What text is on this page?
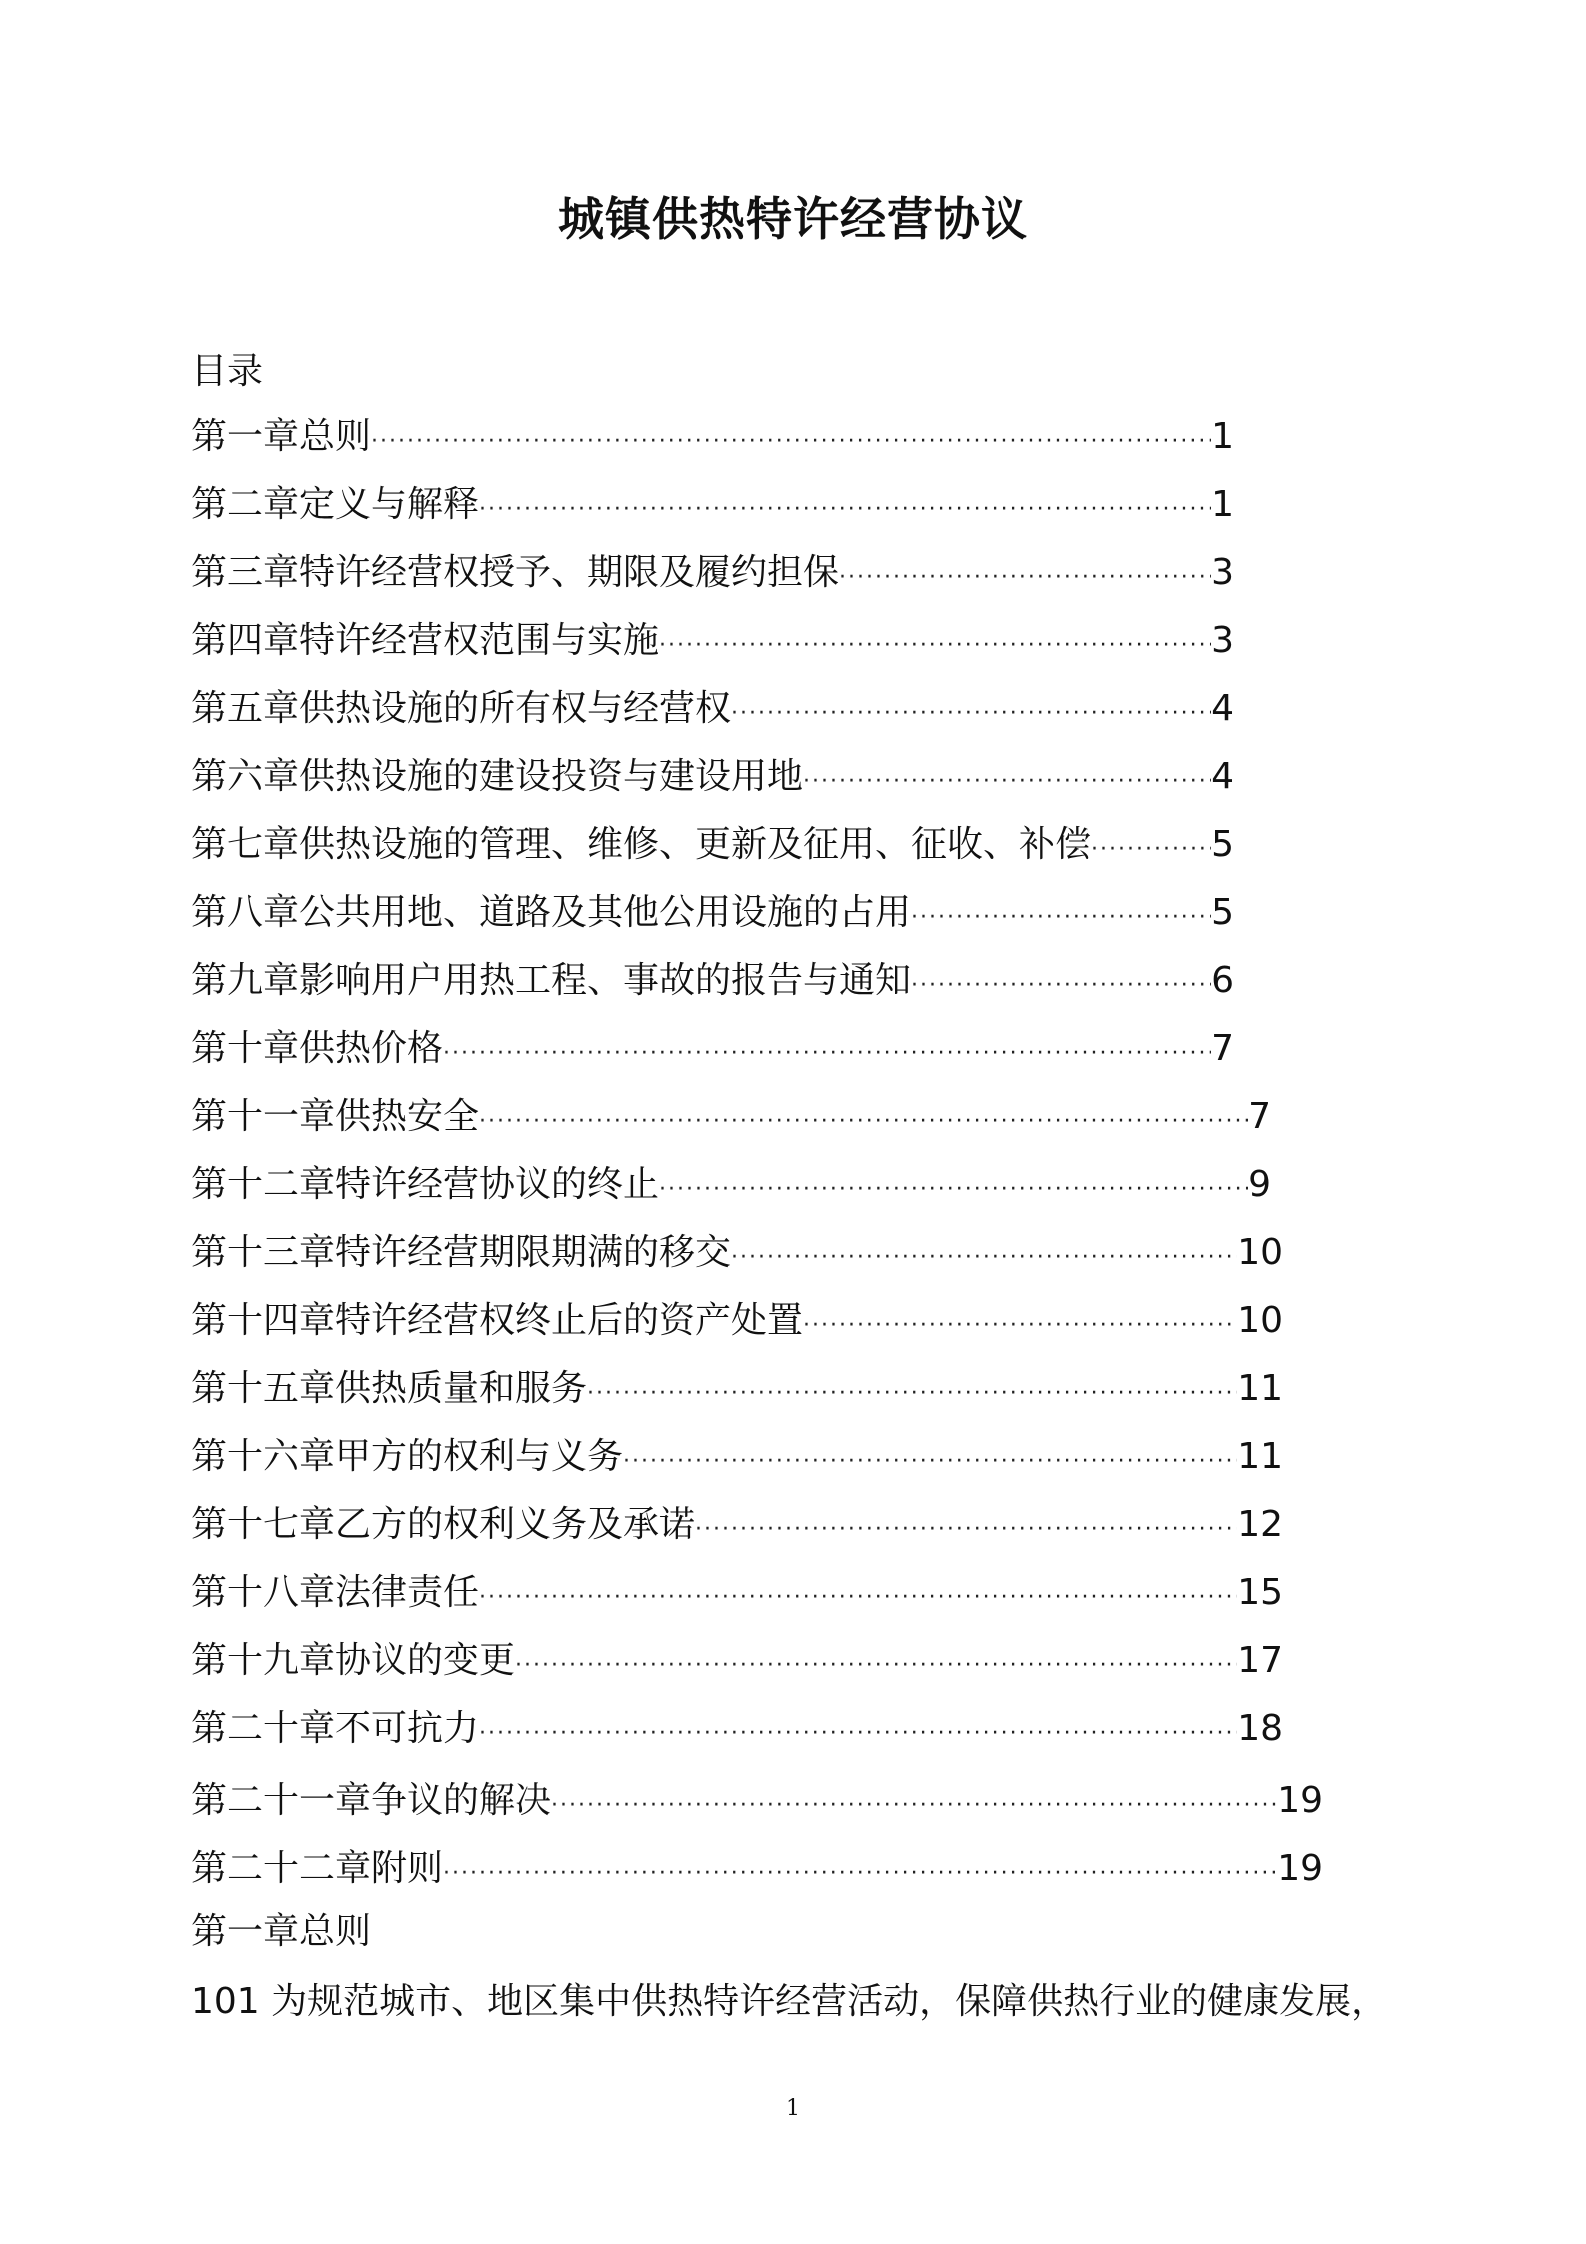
城镇供热特许经营协议
目录
第一章总则 ·····	1
第二章定义与解释 ·····	1
第三章特许经营权授予、期限及履约担保 ·····	3
第四章特许经营权范围与实施 ·····	3
第五章供热设施的所有权与经营权 ·····	4
第六章供热设施的建设投资与建设用地 ·····	4
第七章供热设施的管理、维修、更新及征用、征收、补偿 ·····	5
第八章公共用地、道路及其他公用设施的占用 ·····	5
第九章影响用户用热工程、事故的报告与通知 ·····	6
第十章供热价格 ·····	7
第十一章供热安全 ·····	7
第十二章特许经营协议的终止 ·····	9
第十三章特许经营期限期满的移交 ·····	10
第十四章特许经营权终止后的资产处置 ·····	10
第十五章供热质量和服务 ·····	11
第十六章甲方的权利与义务 ·····	11
第十七章乙方的权利义务及承诺 ·····	12
第十八章法律责任 ·····	15
第十九章协议的变更 ·····	17
第二十章不可抗力 ·····	18
第二十一章争议的解决 ·····	19
第二十二章附则 ·····	19
第一章总则
101 为规范城市、地区集中供热特许经营活动，保障供热行业的健康发展，
1
